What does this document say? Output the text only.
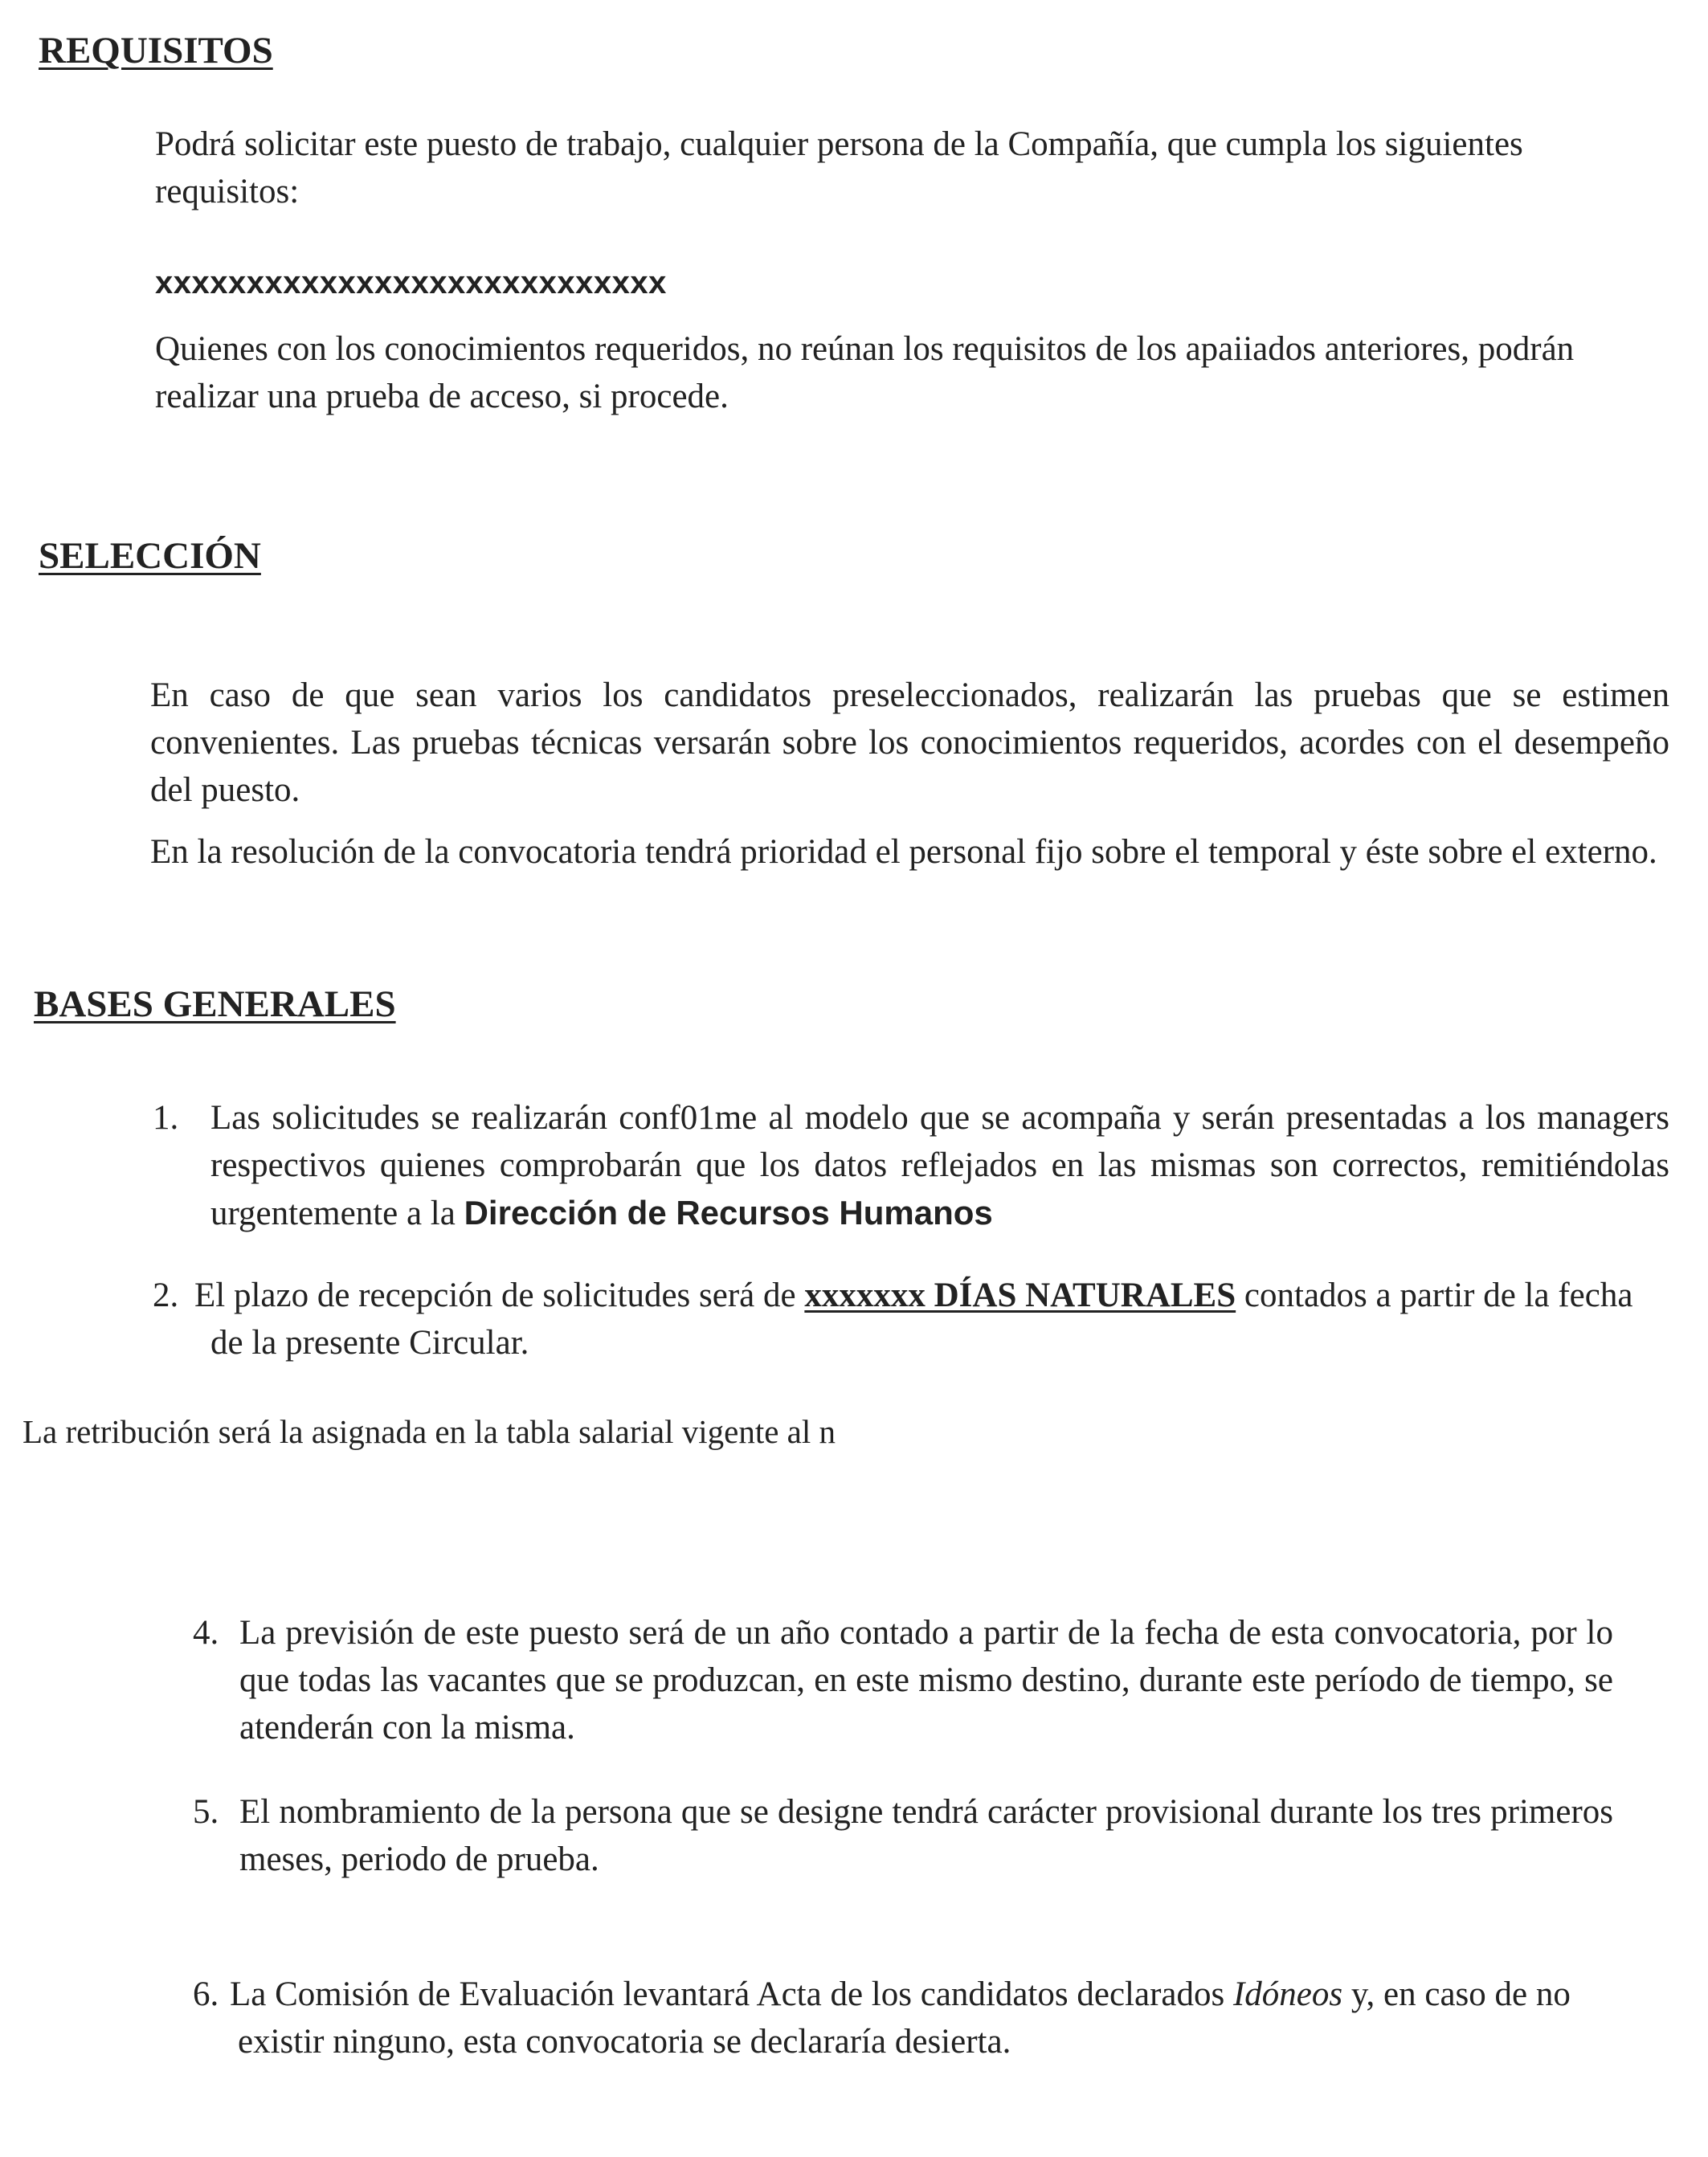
REQUISITOS

Podrá solicitar este puesto de trabajo, cualquier persona de la Compañía, que cumpla los siguientes requisitos:

xxxxxxxxxxxxxxxxxxxxxxxxxxxx

Quienes con los conocimientos requeridos, no reúnan los requisitos de los apaiiados anteriores, podrán realizar una prueba de acceso, si procede.

SELECCIÓN

En caso de que sean varios los candidatos preseleccionados, realizarán las pruebas que se estimen convenientes. Las pruebas técnicas versarán sobre los conocimientos requeridos, acordes con el desempeño del puesto.

En la resolución de la convocatoria tendrá prioridad el personal fijo sobre el temporal y éste sobre el externo.

BASES GENERALES
1. Las solicitudes se realizarán conf01me al modelo que se acompaña y serán presentadas a los managers respectivos quienes comprobarán que los datos reflejados en las mismas son correctos, remitiéndolas urgentemente a la Dirección de Recursos Humanos

2. El plazo de recepción de solicitudes será de xxxxxxx DÍAS NATURALES contados a partir de la fecha de la presente Circular.

La retribución será la asignada en la tabla salarial vigente al n

4. La previsión de este puesto será de un año contado a partir de la fecha de esta convocatoria, por lo que todas las vacantes que se produzcan, en este mismo destino, durante este período de tiempo, se atenderán con la misma.

5. El nombramiento de la persona que se designe tendrá carácter provisional durante los tres primeros meses, periodo de prueba.

6. La Comisión de Evaluación levantará Acta de los candidatos declarados Idóneos y, en caso de no existir ninguno, esta convocatoria se declararía desierta.
